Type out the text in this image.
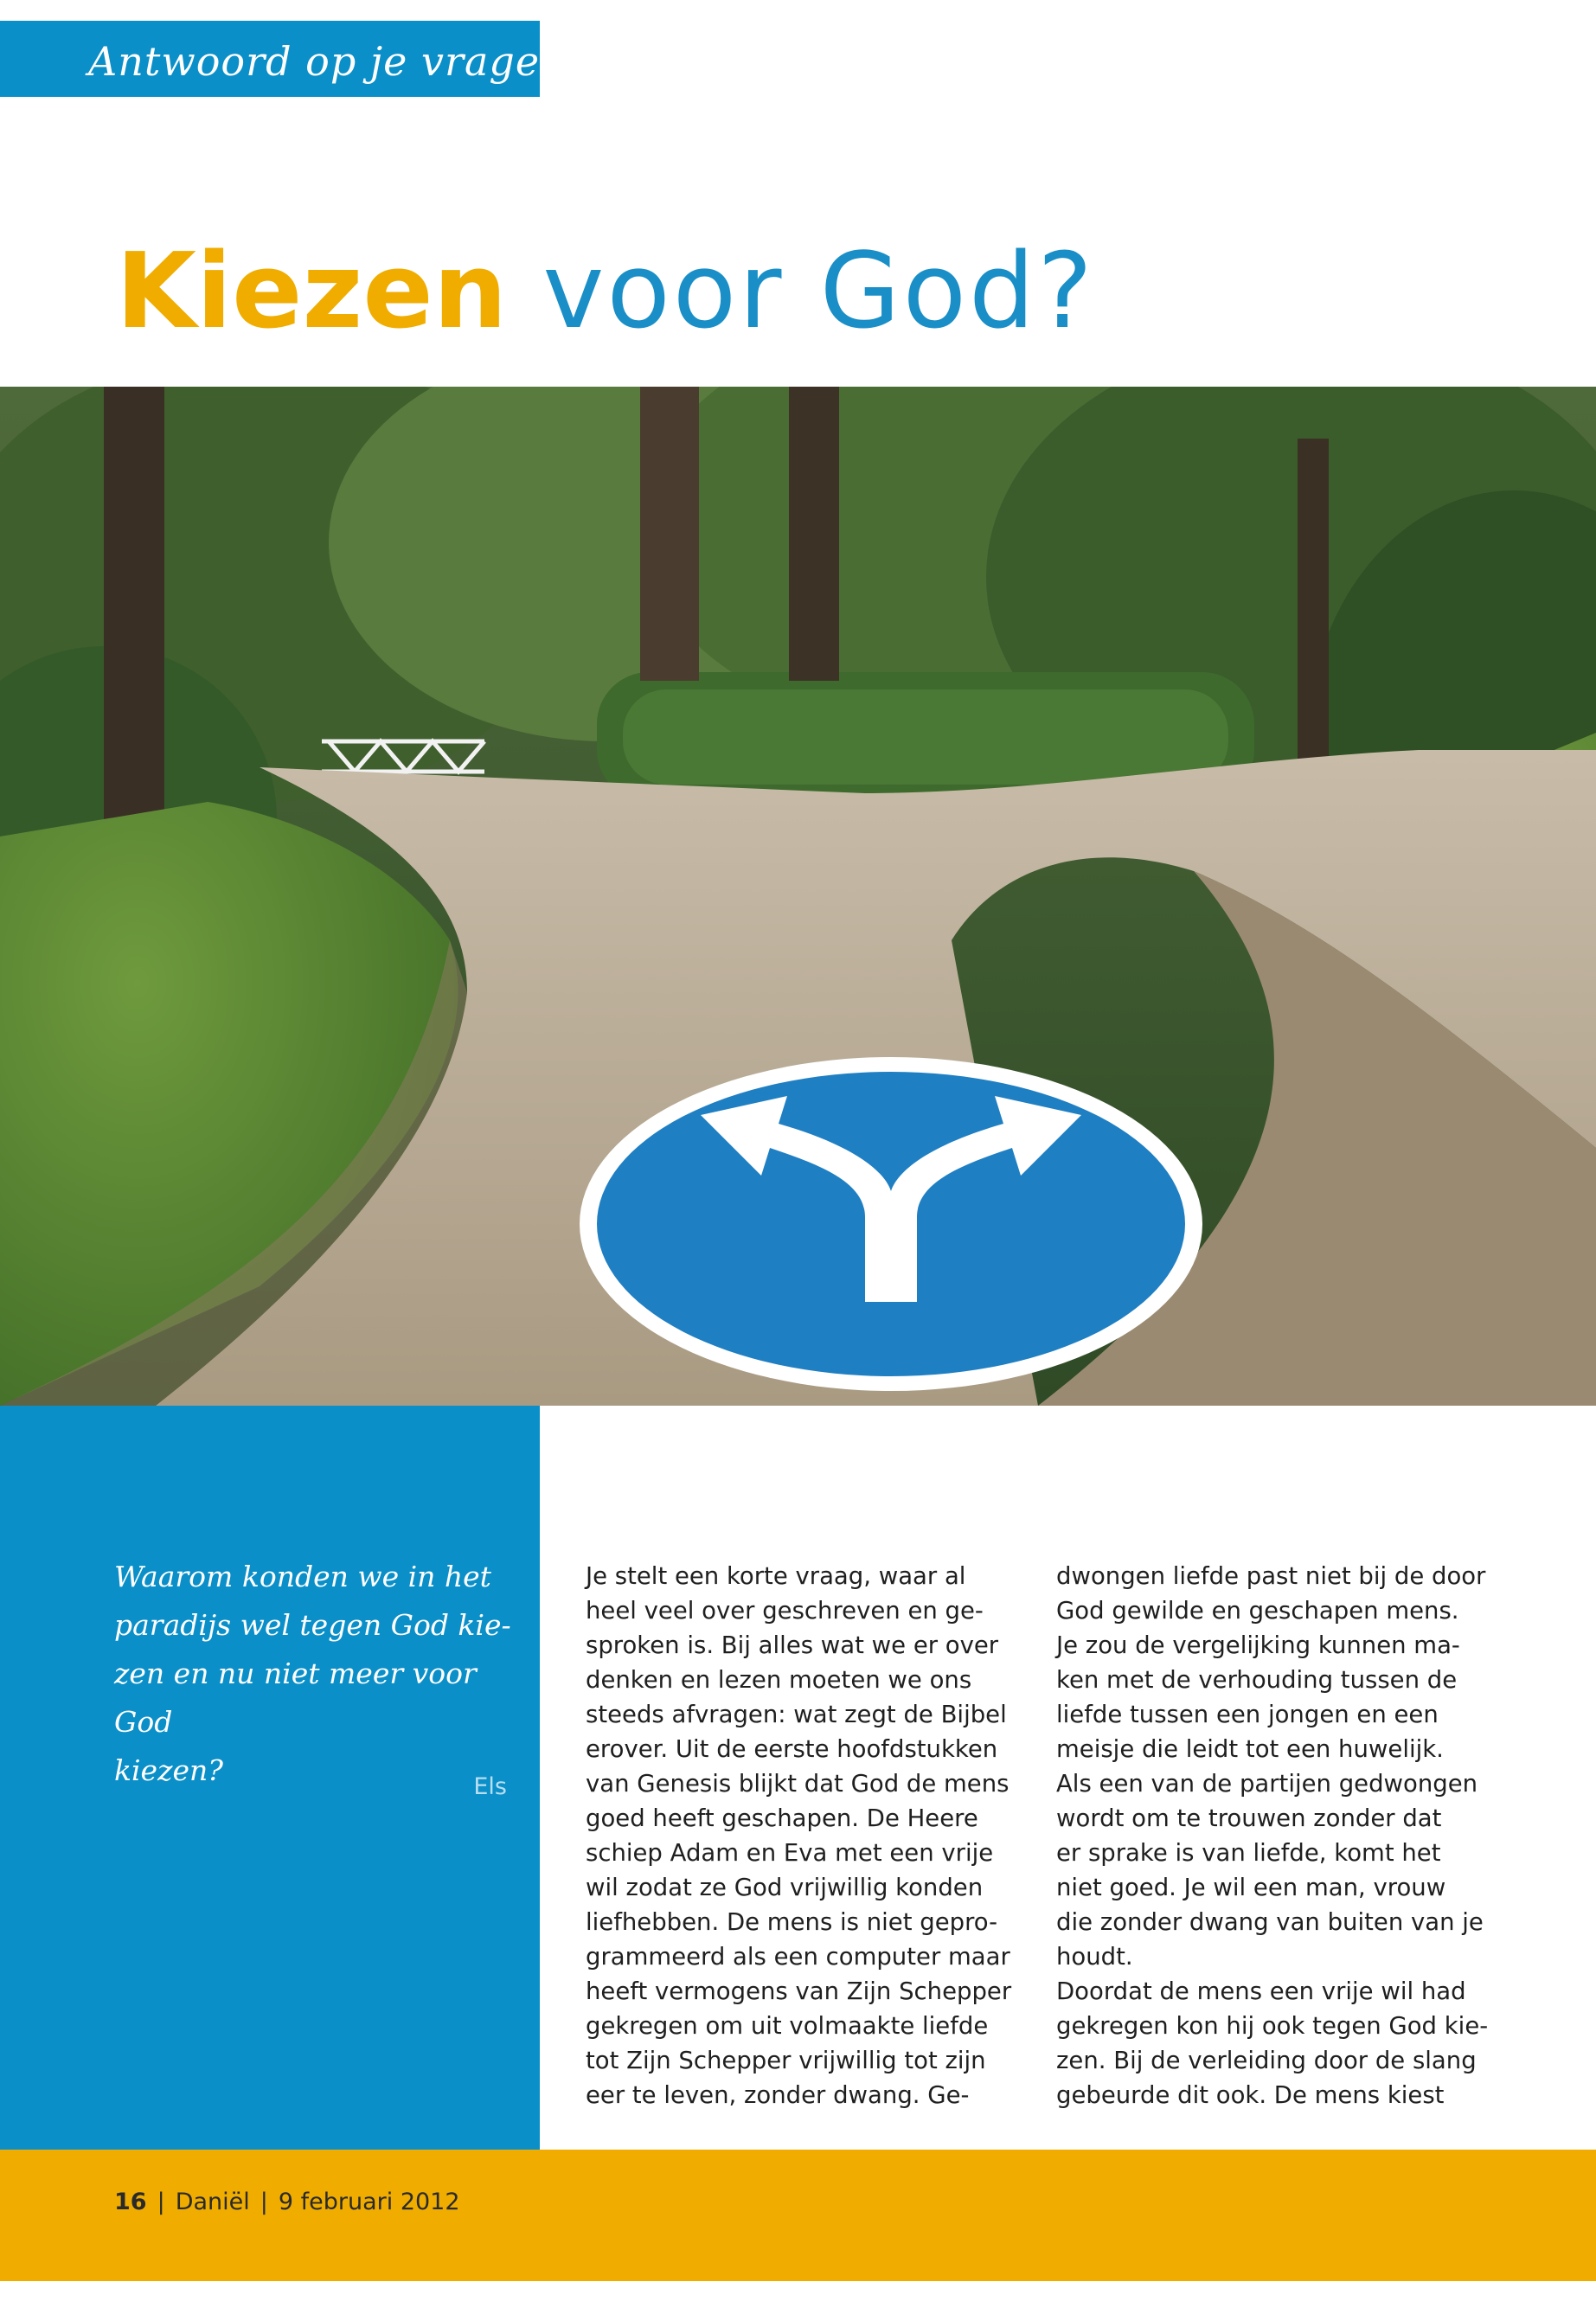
Antwoord op je vragen
Kiezen voor God?
Waarom konden we in het
paradijs wel tegen God kie-
zen en nu niet meer voor God
kiezen?	Els
Je stelt een korte vraag, waar al
heel veel over geschreven en ge-
sproken is. Bij alles wat we er over
denken en lezen moeten we ons
steeds afvragen: wat zegt de Bijbel
erover. Uit de eerste hoofdstukken
van Genesis blijkt dat God de mens
goed heeft geschapen. De Heere
schiep Adam en Eva met een vrije
wil zodat ze God vrijwillig konden
liefhebben. De mens is niet gepro-
grammeerd als een computer maar
heeft vermogens van Zijn Schepper
gekregen om uit volmaakte liefde
tot Zijn Schepper vrijwillig tot zijn
eer te leven, zonder dwang. Ge-
dwongen liefde past niet bij de door
God gewilde en geschapen mens.
Je zou de vergelijking kunnen ma-
ken met de verhouding tussen de
liefde tussen een jongen en een
meisje die leidt tot een huwelijk.
Als een van de partijen gedwongen
wordt om te trouwen zonder dat
er sprake is van liefde, komt het
niet goed. Je wil een man, vrouw
die zonder dwang van buiten van je
houdt.
Doordat de mens een vrije wil had
gekregen kon hij ook tegen God kie-
zen. Bij de verleiding door de slang
gebeurde dit ook. De mens kiest
16 | Daniël | 9 februari 2012
